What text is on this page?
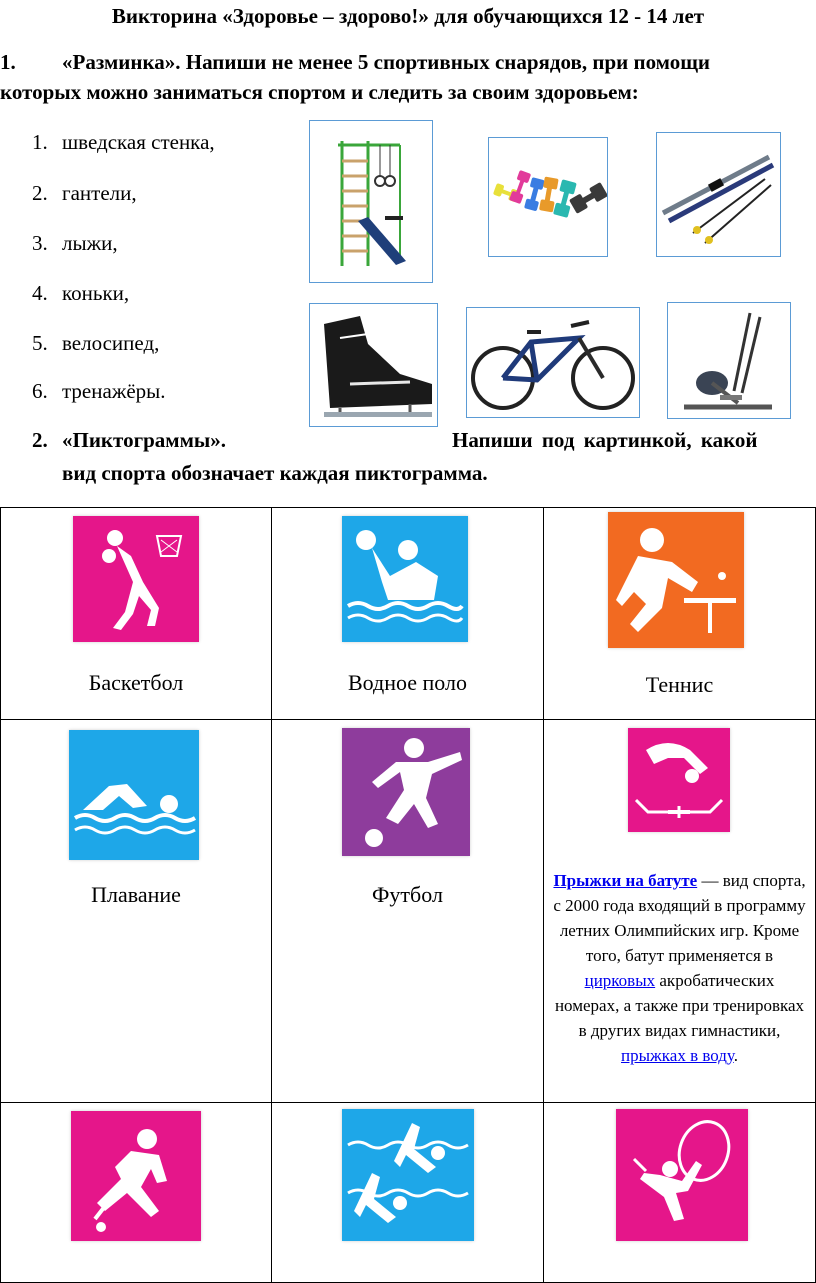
Викторина «Здоровье – здорово!» для обучающихся 12 - 14 лет
1. «Разминка». Напиши не менее 5 спортивных снарядов, при помощи
которых можно заниматься спортом и следить за своим здоровьем:
1. шведская стенка,
2. гантели,
3. лыжи,
4. коньки,
5. велосипед,
6. тренажёры.
2. «Пиктограммы».	Напиши под картинкой, какой
вид спорта обозначает каждая пиктограмма.
Баскетбол	Водное поло	Теннис

Плавание	Футбол	Прыжки на батуте — вид спорта, с 2000 года входящий в программу летних Олимпийских игр. Кроме того, батут применяется в цирковых акробатических номерах, а также при тренировках в других видах гимнастики, прыжках в воду.
